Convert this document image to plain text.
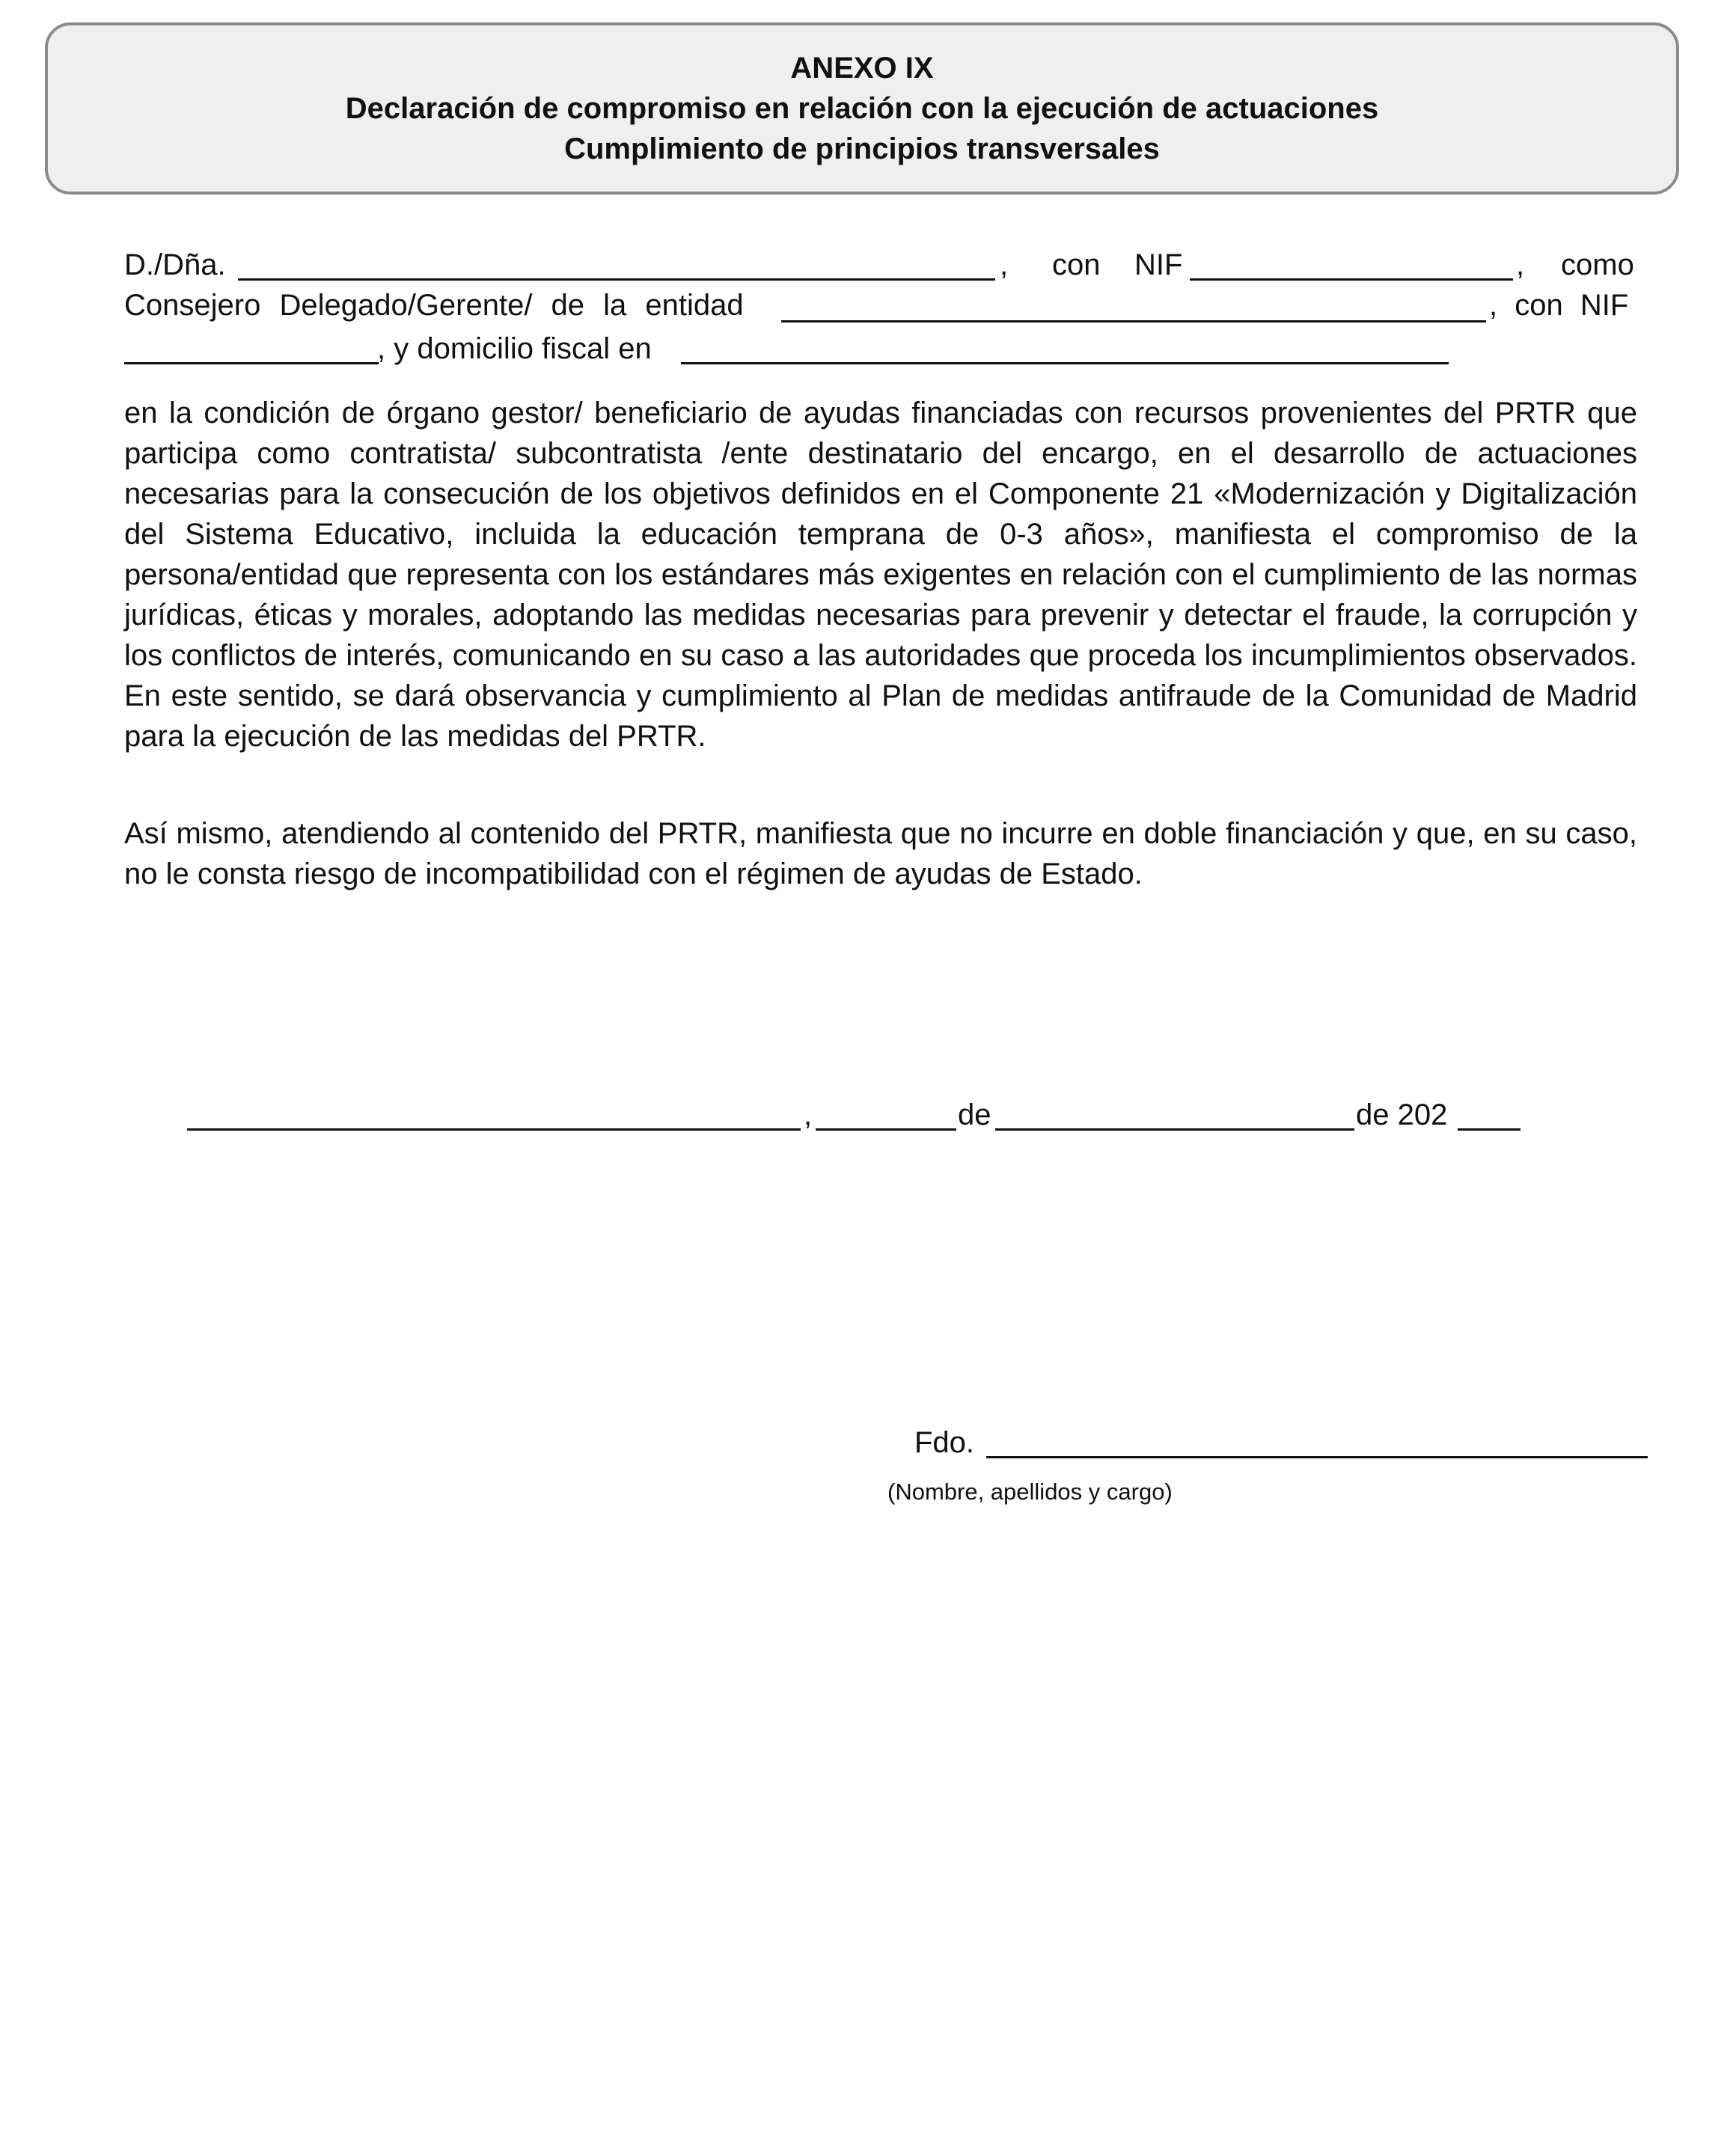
ANEXO IX
Declaración de compromiso en relación con la ejecución de actuaciones
Cumplimiento de principios transversales
D./Dña.	, con NIF	, como
Consejero Delegado/Gerente/ de la entidad	, con NIF
, y domicilio fiscal en
en la condición de órgano gestor/ beneficiario de ayudas financiadas con recursos provenientes del PRTR que participa como contratista/ subcontratista /ente destinatario del encargo, en el desarrollo de actuaciones necesarias para la consecución de los objetivos definidos en el Componente 21 «Modernización y Digitalización del Sistema Educativo, incluida la educación temprana de 0-3 años», manifiesta el compromiso de la persona/entidad que representa con los estándares más exigentes en relación con el cumplimiento de las normas jurídicas, éticas y morales, adoptando las medidas necesarias para prevenir y detectar el fraude, la corrupción y los conflictos de interés, comunicando en su caso a las autoridades que proceda los incumplimientos observados. En este sentido, se dará observancia y cumplimiento al Plan de medidas antifraude de la Comunidad de Madrid para la ejecución de las medidas del PRTR.
Así mismo, atendiendo al contenido del PRTR, manifiesta que no incurre en doble financiación y que, en su caso, no le consta riesgo de incompatibilidad con el régimen de ayudas de Estado.
,	de	de 202
Fdo.
(Nombre, apellidos y cargo)
